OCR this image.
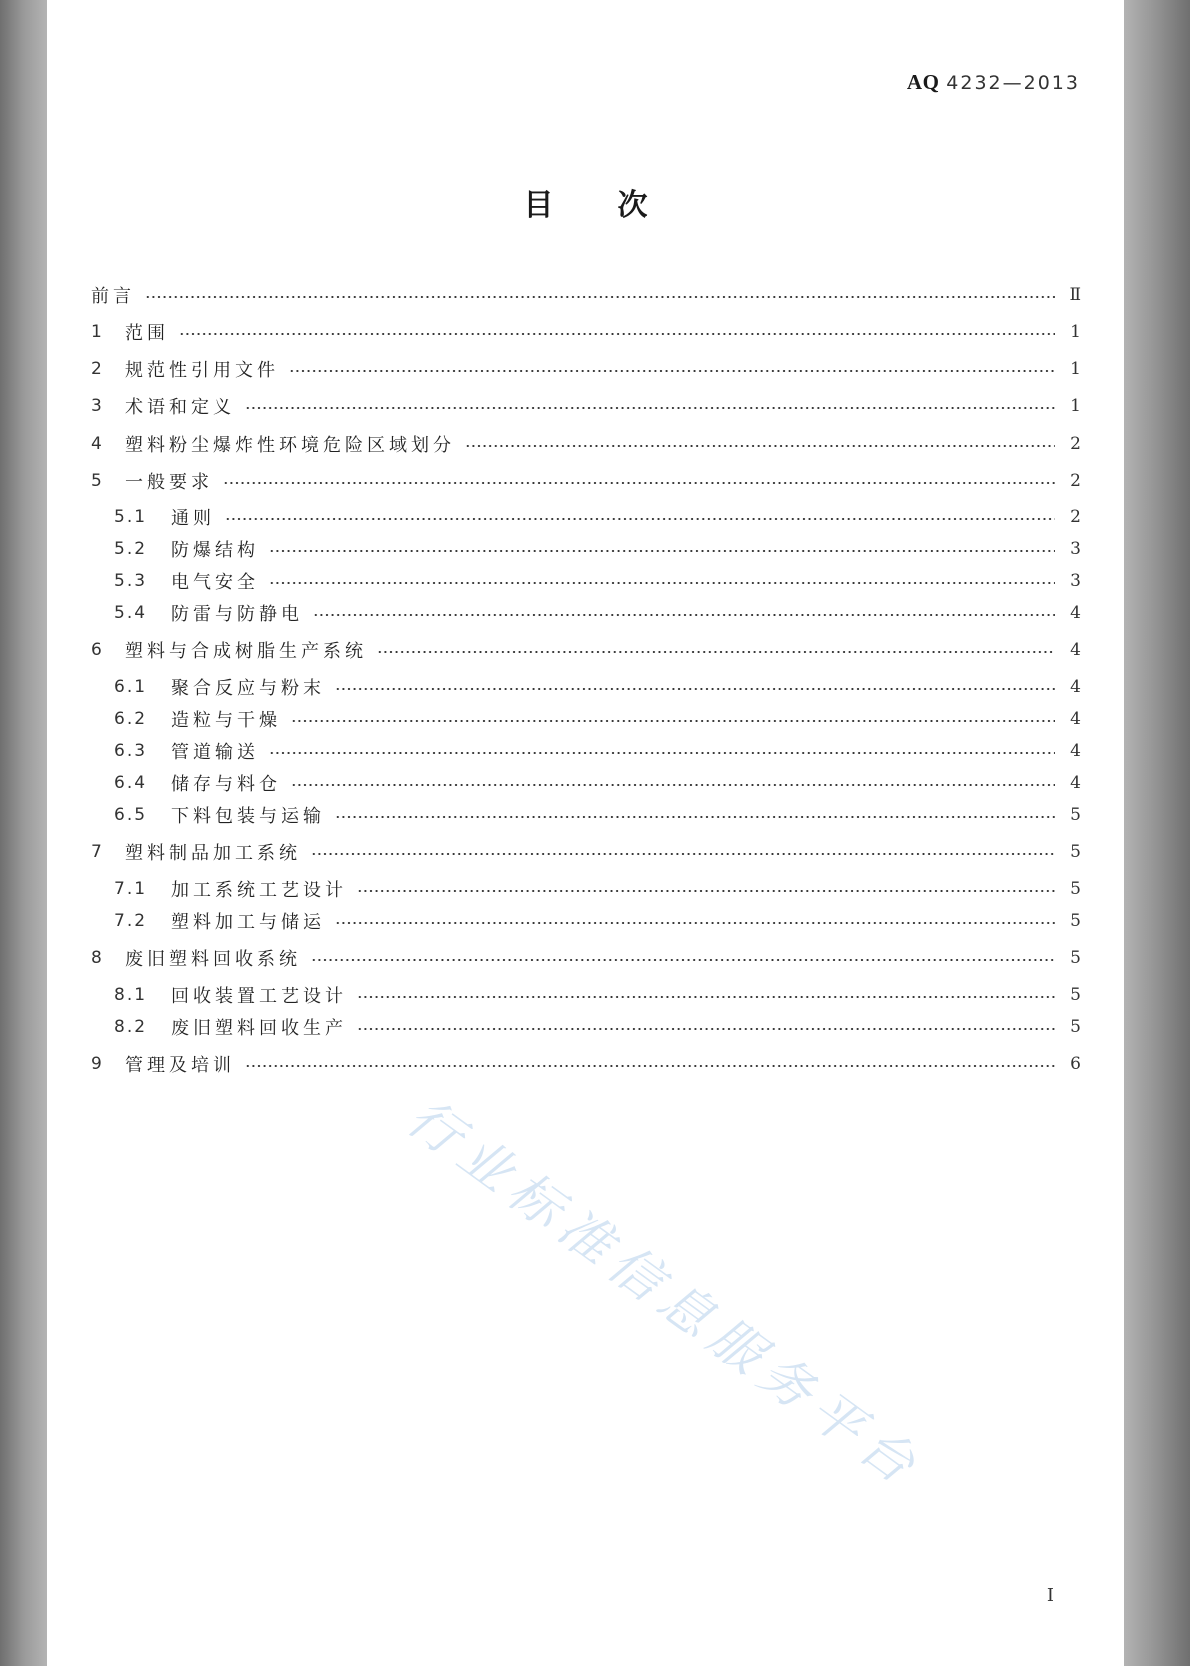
AQ 4232—2013
目次
前言	Ⅱ
1	范围	1
2	规范性引用文件	1
3	术语和定义	1
4	塑料粉尘爆炸性环境危险区域划分	2
5	一般要求	2
5.1	通则	2
5.2	防爆结构	3
5.3	电气安全	3
5.4	防雷与防静电	4
6	塑料与合成树脂生产系统	4
6.1	聚合反应与粉末	4
6.2	造粒与干燥	4
6.3	管道输送	4
6.4	储存与料仓	4
6.5	下料包装与运输	5
7	塑料制品加工系统	5
7.1	加工系统工艺设计	5
7.2	塑料加工与储运	5
8	废旧塑料回收系统	5
8.1	回收装置工艺设计	5
8.2	废旧塑料回收生产	5
9	管理及培训	6
行业标准信息服务平台
Ⅰ
